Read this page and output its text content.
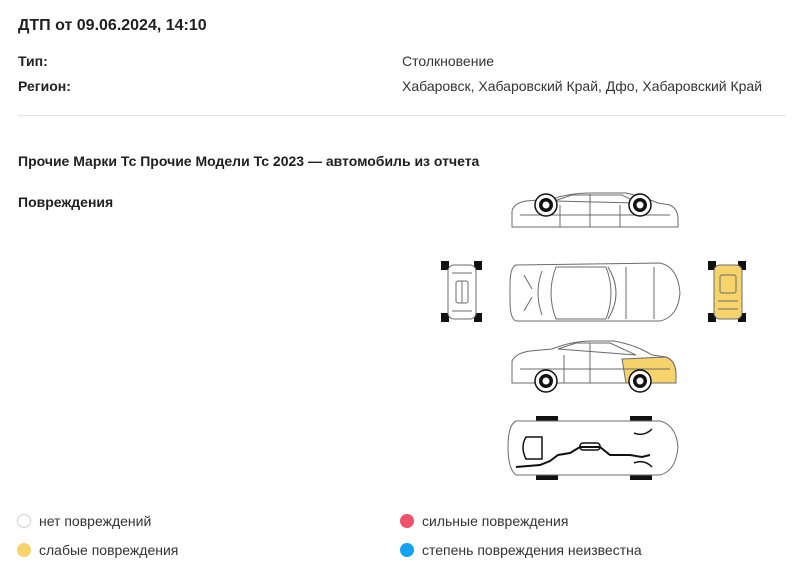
ДТП от 09.06.2024, 14:10
Тип:	Столкновение
Регион:	Хабаровск, Хабаровский Край, Дфо, Хабаровский Край
Прочие Марки Тс Прочие Модели Тс 2023 — автомобиль из отчета
Повреждения
нет повреждений
слабые повреждения
сильные повреждения
степень повреждения неизвестна
